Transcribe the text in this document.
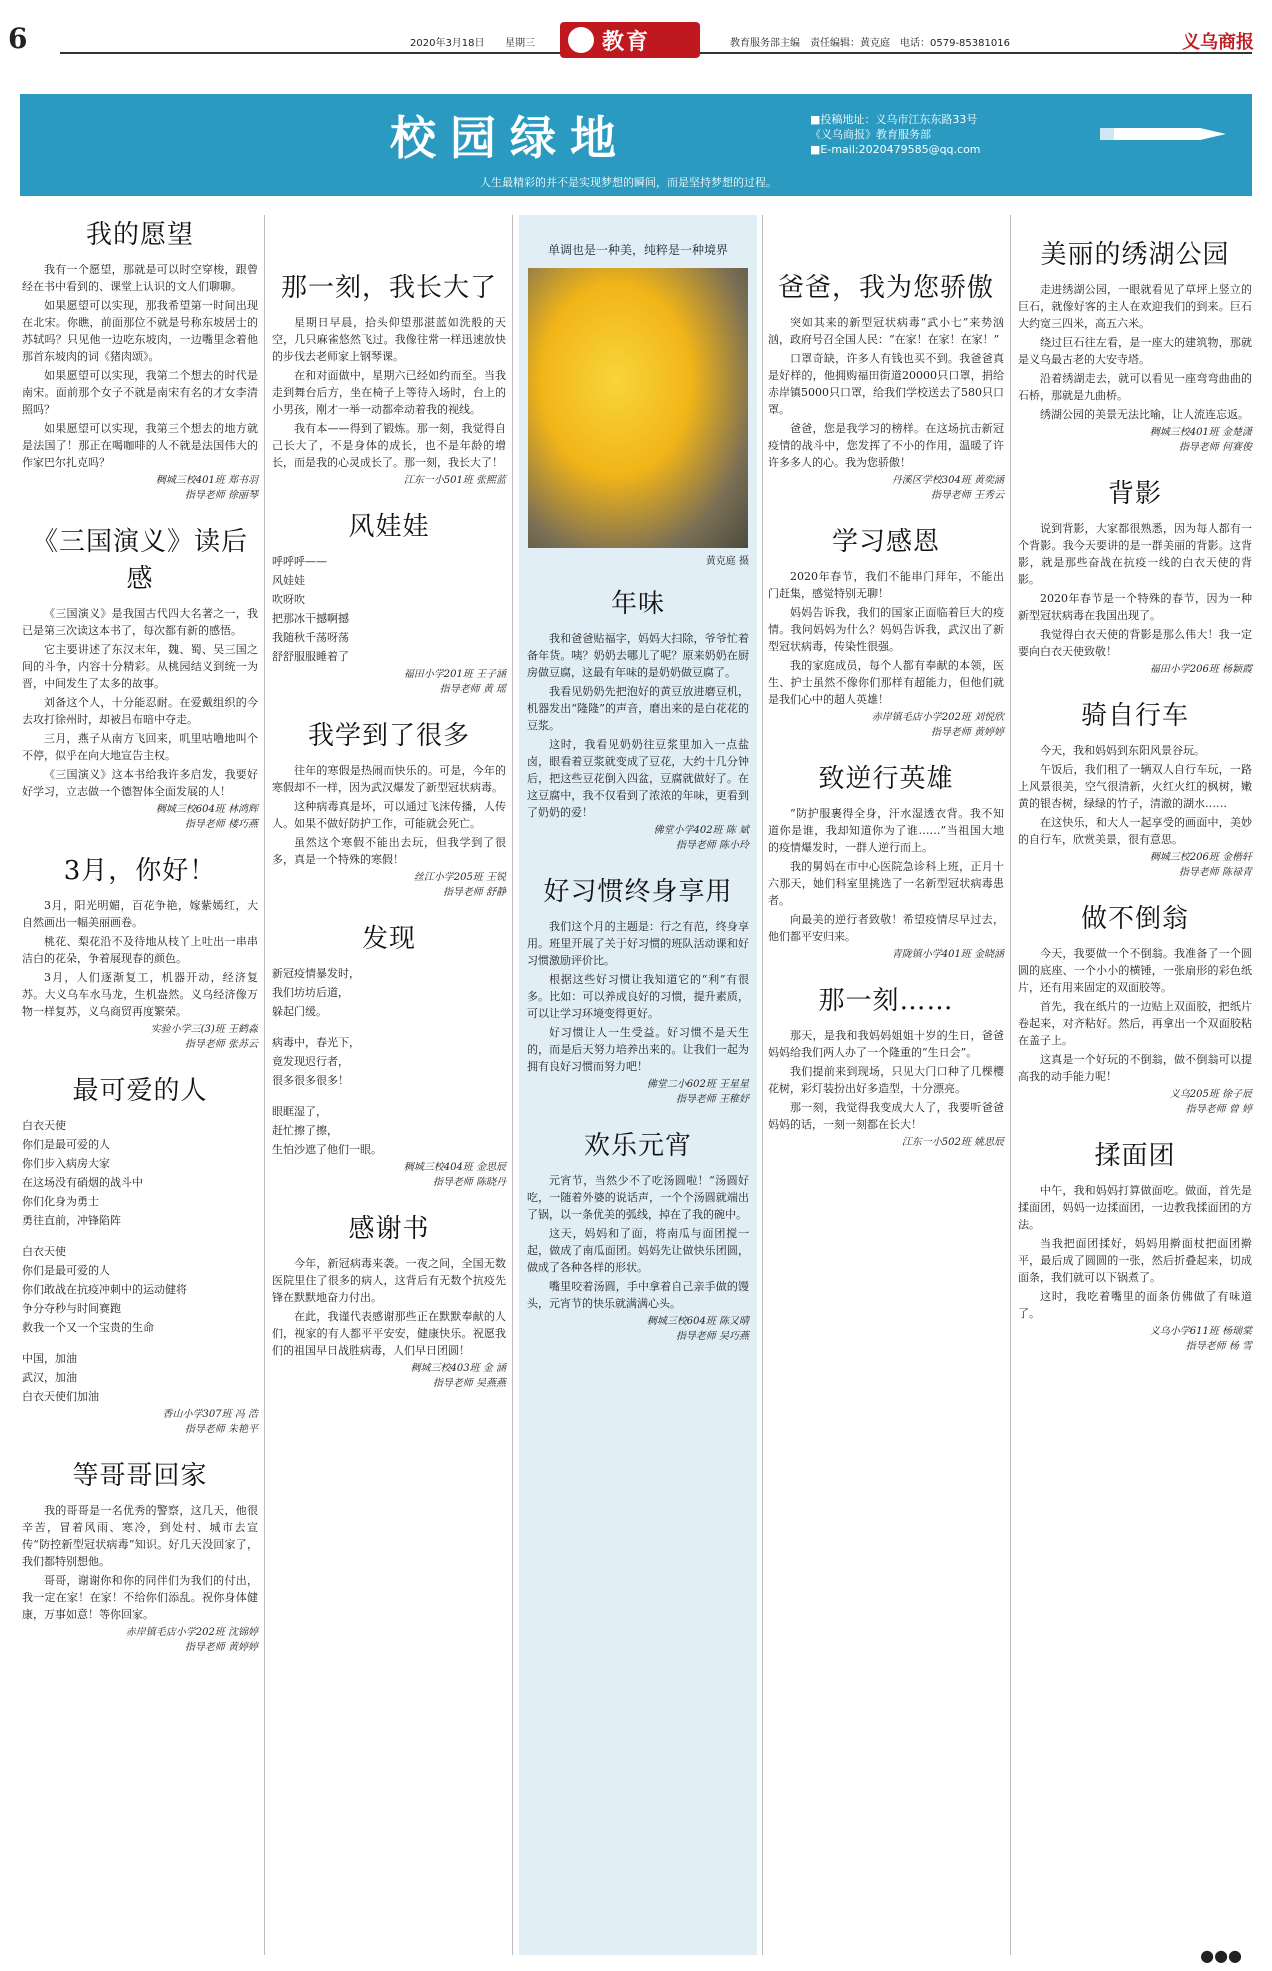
6	2020年3月18日 星期三	教育	教育服务部主编　责任编辑：黄克庭　电话：0579-85381016	义乌商报
校园绿地	■投稿地址：义乌市江东东路33号
《义乌商报》教育服务部
■E-mail:2020479585@qq.com
人生最精彩的并不是实现梦想的瞬间，而是坚持梦想的过程。
我的愿望
我有一个愿望，那就是可以时空穿梭，跟曾经在书中看到的、课堂上认识的文人们聊聊。
如果愿望可以实现，那我希望第一时间出现在北宋。你瞧，前面那位不就是号称东坡居士的苏轼吗？只见他一边吃东坡肉，一边嘴里念着他那首东坡肉的词《猪肉颂》。
如果愿望可以实现，我第二个想去的时代是南宋。面前那个女子不就是南宋有名的才女李清照吗？
如果愿望可以实现，我第三个想去的地方就是法国了！那正在喝咖啡的人不就是法国伟大的作家巴尔扎克吗？
稠城三校401班 郑书羽
指导老师 徐丽琴
《三国演义》读后感
《三国演义》是我国古代四大名著之一，我已是第三次读这本书了，每次都有新的感悟。
它主要讲述了东汉末年，魏、蜀、吴三国之间的斗争，内容十分精彩。从桃园结义到统一为晋，中间发生了太多的故事。
刘备这个人，十分能忍耐。在爱戴组织的今去攻打徐州时，却被吕布暗中夺走。
三月，燕子从南方飞回来，叽里咕噜地叫个不停，似乎在向大地宣告主权。
《三国演义》这本书给我许多启发，我要好好学习，立志做一个德智体全面发展的人！
稠城三校604班 林鸿辉
指导老师 楼巧燕
3月，你好！
3月，阳光明媚，百花争艳，嫁紫嫣红，大自然画出一幅美丽画卷。
桃花、梨花沿不及待地从枝丫上吐出一串串洁白的花朵，争着展现春的颜色。
3月，人们逐渐复工，机器开动，经济复苏。大义乌车水马龙，生机盎然。义乌经济像万物一样复苏，义乌商贸再度繁荣。
实验小学三(3)班 王鹤淼
指导老师 张苏云
最可爱的人
白衣天使
你们是最可爱的人
你们步入病房大家
在这场没有硝烟的战斗中
你们化身为勇士
勇往直前，冲锋陷阵
白衣天使
你们是最可爱的人
你们敢战在抗疫冲刺中的运动健将
争分夺秒与时间赛跑
救我一个又一个宝贵的生命
中国，加油
武汉，加油
白衣天使们加油
香山小学307班 冯 浩
指导老师 朱艳平
等哥哥回家
我的哥哥是一名优秀的警察，这几天，他很辛苦，冒着风雨、寒冷，到处村、城市去宣传“防控新型冠状病毒”知识。好几天没回家了，我们都特别想他。
哥哥，谢谢你和你的同伴们为我们的付出，我一定在家！在家！不给你们添乱。祝你身体健康，万事如意！等你回家。
赤岸镇毛店小学202班 沈锦婷
指导老师 黄婷婷
那一刻，我长大了
星期日早晨，拾头仰望那湛蓝如洗般的天空，几只麻雀悠然飞过。我像往常一样迅速放快的步伐去老师家上钢琴课。
在和对面做中，星期六已经如约而至。当我走到舞台后方，坐在椅子上等待入场时，台上的小男孩，刚才一举一动都牵动着我的视线。
我有本——得到了锻炼。那一刻，我觉得自己长大了，不是身体的成长，也不是年龄的增长，而是我的心灵成长了。那一刻，我长大了！
江东一小501班 张熙蓝
风娃娃
呼呼呼——
风娃娃
吹呀吹
把那冰干撼啊撼
我随秋千荡呀荡
舒舒服服睡着了
福田小学201班 王子涵
指导老师 黄 瑶
我学到了很多
往年的寒假是热闹而快乐的。可是，今年的寒假却不一样，因为武汉爆发了新型冠状病毒。
这种病毒真是坏，可以通过飞沫传播，人传人。如果不做好防护工作，可能就会死亡。
虽然这个寒假不能出去玩，但我学到了很多，真是一个特殊的寒假！
丝江小学205班 王锐
指导老师 舒静
发现
新冠疫情暴发时，
我们坊坊后道，
躲起门缓。
病毒中，春光下，
竟发现迟行者，
很多很多很多！
眼眶湿了，
赶忙擦了擦，
生怕沙遮了他们一眼。
稠城三校404班 金思辰
指导老师 陈晓丹
感谢书
今年，新冠病毒来袭。一夜之间，全国无数医院里住了很多的病人，这背后有无数个抗疫先锋在默默地奋力付出。
在此，我谨代表感谢那些正在默默奉献的人们，视家的有人都平平安安，健康快乐。祝愿我们的祖国早日战胜病毒，人们早日团圆！
稠城三校403班 金 涵
指导老师 吴燕燕
单调也是一种美，纯粹是一种境界
黄克庭 摄
年味
我和爸爸贴福字，妈妈大扫除，爷爷忙着备年货。咦？奶奶去哪儿了呢？原来奶奶在厨房做豆腐，这最有年味的是奶奶做豆腐了。
我看见奶奶先把泡好的黄豆放进磨豆机，机器发出“隆隆”的声音，磨出来的是白花花的豆浆。
这时，我看见奶奶往豆浆里加入一点盐卤，眼看着豆浆就变成了豆花，大约十几分钟后，把这些豆花倒入四盆，豆腐就做好了。在这豆腐中，我不仅看到了浓浓的年味，更看到了奶奶的爱！
佛堂小学402班 陈 斌
指导老师 陈小玲
好习惯终身享用
我们这个月的主题是：行之有范，终身享用。班里开展了关于好习惯的班队活动课和好习惯激励评价比。
根据这些好习惯让我知道它的“利”有很多。比如：可以养成良好的习惯，提升素质，可以让学习环境变得更好。
好习惯让人一生受益。好习惯不是天生的，而是后天努力培养出来的。让我们一起为拥有良好习惯而努力吧！
佛堂二小602班 王星星
指导老师 王稚妤
欢乐元宵
元宵节，当然少不了吃汤圆啦！“汤圆好吃，一随着外婆的说话声，一个个汤圆就端出了锅，以一条优美的弧线，掉在了我的碗中。
这天，妈妈和了面，将南瓜与面团搅一起，做成了南瓜面团。妈妈先让做快乐团圆，做成了各种各样的形状。
嘴里咬着汤圆，手中拿着自己亲手做的馒头，元宵节的快乐就满满心头。
稠城三校604班 陈又晴
指导老师 吴巧燕
爸爸，我为您骄傲
突如其来的新型冠状病毒“武小七”来势汹汹，政府号召全国人民：“在家！在家！在家！”
口罩奇缺，许多人有钱也买不到。我爸爸真是好样的，他拥购福田街道20000只口罩，捐给赤岸镇5000只口罩，给我们学校送去了580只口罩。
爸爸，您是我学习的榜样。在这场抗击新冠疫情的战斗中，您发挥了不小的作用，温暖了许许多多人的心。我为您骄傲！
丹溪区学校304班 黄奕涵
指导老师 王秀云
学习感恩
2020年春节，我们不能串门拜年，不能出门赶集，感觉特别无聊！
妈妈告诉我，我们的国家正面临着巨大的疫情。我问妈妈为什么？妈妈告诉我，武汉出了新型冠状病毒，传染性很强。
我的家庭成员，每个人都有奉献的本领，医生、护士虽然不像你们那样有超能力，但他们就是我们心中的超人英雄！
赤岸镇毛店小学202班 刘悦欣
指导老师 黄婷婷
致逆行英雄
“防护服裹得全身，汗水湿透衣背。我不知道你是谁，我却知道你为了谁……”当祖国大地的疫情爆发时，一群人逆行而上。
我的舅妈在市中心医院急诊科上班，正月十六那天，她们科室里挑选了一名新型冠状病毒患者。
向最美的逆行者致敬！希望疫情尽早过去，他们都平安归来。
青陇镇小学401班 金晓涵
那一刻……
那天，是我和我妈妈姐姐十岁的生日，爸爸妈妈给我们两人办了一个隆重的“生日会”。
我们提前来到现场，只见大门口种了几棵樱花树，彩灯装扮出好多造型，十分漂亮。
那一刻，我觉得我变成大人了，我要听爸爸妈妈的话，一刻一刻都在长大！
江东一小502班 姚思辰
美丽的绣湖公园
走进绣湖公园，一眼就看见了草坪上竖立的巨石，就像好客的主人在欢迎我们的到来。巨石大约宽三四米，高五六米。
绕过巨石往左看，是一座大的建筑物，那就是义乌最古老的大安寺塔。
沿着绣湖走去，就可以看见一座弯弯曲曲的石桥，那就是九曲桥。
绣湖公园的美景无法比喻，让人流连忘返。
稠城三校401班 金楚潇
指导老师 何赛俊
背影
说到背影，大家都很熟悉，因为每人都有一个背影。我今天要讲的是一群美丽的背影。这背影，就是那些奋战在抗疫一线的白衣天使的背影。
2020年春节是一个特殊的春节，因为一种新型冠状病毒在我国出现了。
我觉得白衣天使的背影是那么伟大！我一定要向白衣天使致敬！
福田小学206班 杨颖霞
骑自行车
今天，我和妈妈到东阳风景谷玩。
午饭后，我们租了一辆双人自行车玩，一路上风景很美，空气很清新，火红火红的枫树，嫩黄的银杏树，绿绿的竹子，清澈的湖水……
在这快乐，和大人一起享受的画面中，美妙的自行车，欣赏美景，很有意思。
稠城三校206班 金楷轩
指导老师 陈禄青
做不倒翁
今天，我要做一个不倒翁。我准备了一个圆圆的底座、一个小小的横锤，一张扇形的彩色纸片，还有用来固定的双面胶等。
首先，我在纸片的一边贴上双面胶，把纸片卷起来，对齐粘好。然后，再拿出一个双面胶粘在盖子上。
这真是一个好玩的不倒翁，做不倒翁可以提高我的动手能力呢！
义乌205班 徐子辰
指导老师 曾 婷
揉面团
中午，我和妈妈打算做面吃。做面，首先是揉面团，妈妈一边揉面团，一边教我揉面团的方法。
当我把面团揉好，妈妈用擀面杖把面团擀平，最后成了圆圆的一张，然后折叠起来，切成面条，我们就可以下锅煮了。
这时，我吃着嘴里的面条仿佛做了有味道了。
义乌小学611班 杨瑞棠
指导老师 杨 雪
●●●
